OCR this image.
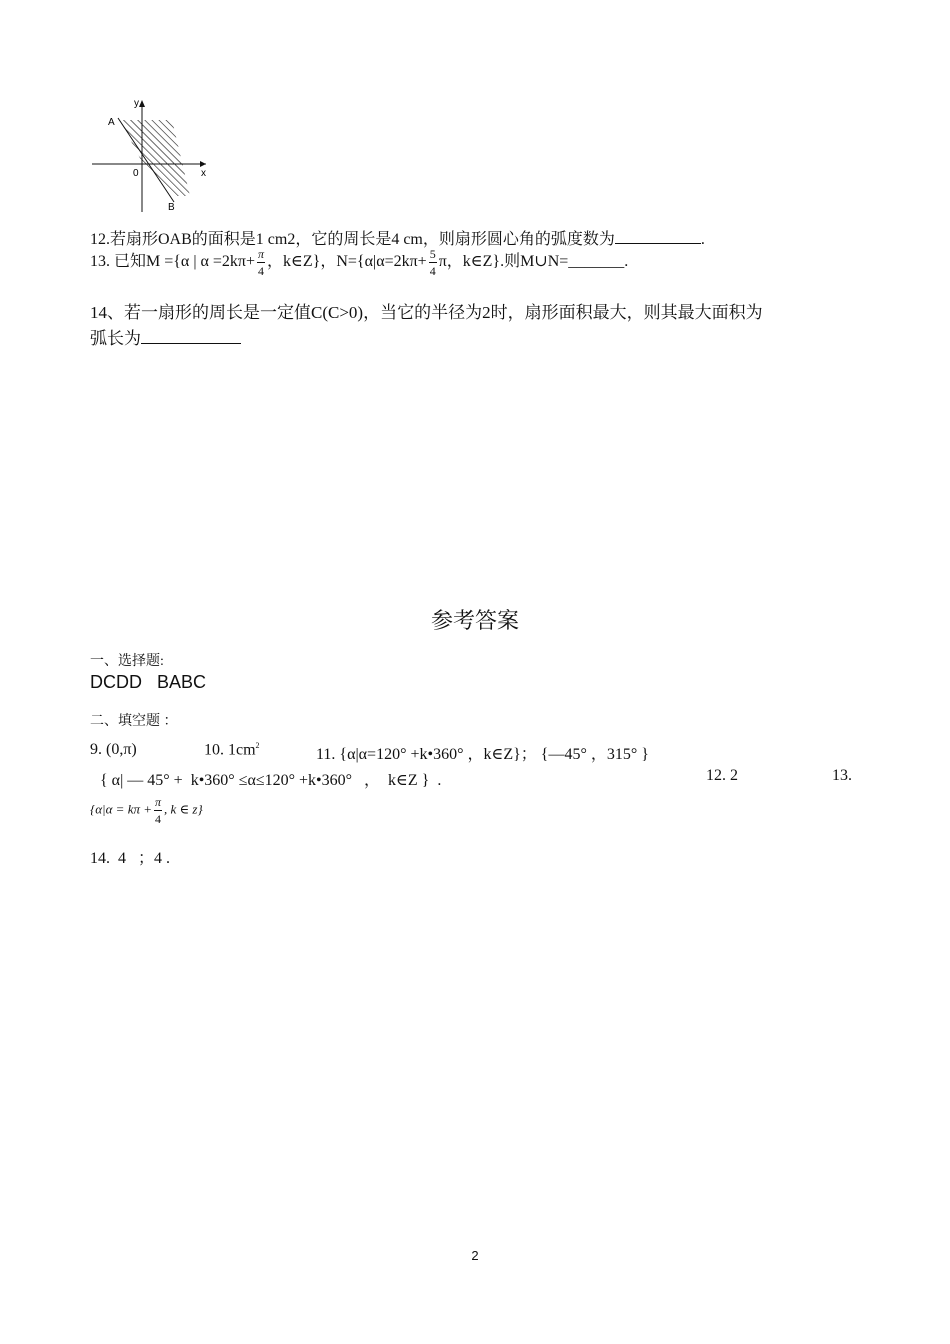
y
x
0
A
B
12.若扇形OAB的面积是1 cm2，它的周长是4 cm，则扇形圆心角的弧度数为	.
13. 已知M ={α | $\alpha =2k\pi+ \frac{\pi}{4}$ ，k∈Z}，$N=\{\alpha|\alpha=2k\pi+ \frac{5}{4}$ π，k∈Z}.则M∪N=_______.
14、若一扇形的周长是一定值C(C>0)，当它的半径为2时，扇形面积最大，则其最大面积为
弧长为
参考答案
一、选择题:
DCDD   BABC
二、填空题 ：
9. (0,π)	10. $1cm^2$
11. {α|α=120° +k•360° ，k∈Z}； {—45° ，315° }
{ α| — 45° +  k•360° ≤α≤120° +k•360°   ，  k∈Z }  .	12. 2	13.
{$\alpha|\alpha = k\pi + \frac{\pi}{4}$ , k ∈ z}
14.  4   ；4 .
2
